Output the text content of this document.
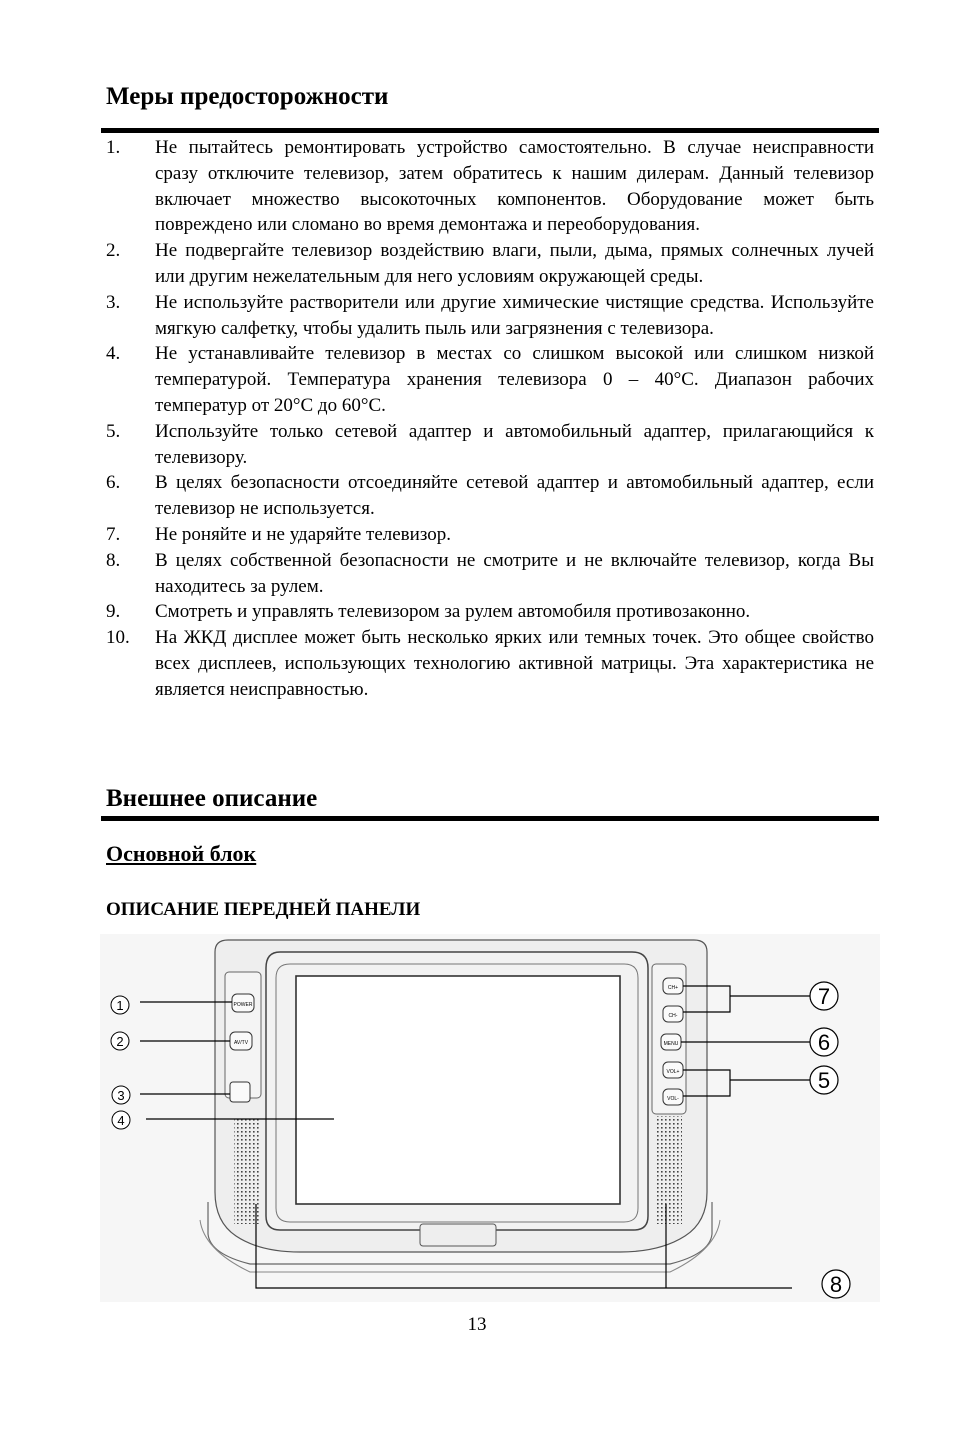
Меры предосторожности
1. Не пытайтесь ремонтировать устройство самостоятельно. В случае неисправности сразу отключите телевизор, затем обратитесь к нашим дилерам. Данный телевизор включает множество высокоточных компонентов. Оборудование может быть повреждено или сломано во время демонтажа и переоборудования.
2. Не подвергайте телевизор воздействию влаги, пыли, дыма, прямых солнечных лучей или другим нежелательным для него условиям окружающей среды.
3. Не используйте растворители или другие химические чистящие средства. Используйте мягкую салфетку, чтобы удалить пыль или загрязнения с телевизора.
4. Не устанавливайте телевизор в местах со слишком высокой или слишком низкой температурой. Температура хранения телевизора 0 – 40°С. Диапазон рабочих температур от 20°С до 60°С.
5. Используйте только сетевой адаптер и автомобильный адаптер, прилагающийся к телевизору.
6. В целях безопасности отсоединяйте сетевой адаптер и автомобильный адаптер, если телевизор не используется.
7. Не роняйте и не ударяйте телевизор.
8. В целях собственной безопасности не смотрите и не включайте телевизор, когда Вы находитесь за рулем.
9. Смотреть и управлять телевизором за рулем автомобиля противозаконно.
10. На ЖКД дисплее может быть несколько ярких или темных точек. Это общее свойство всех дисплеев, использующих технологию активной матрицы. Эта характеристика не является неисправностью.
Внешнее описание
Основной блок
ОПИСАНИЕ ПЕРЕДНЕЙ ПАНЕЛИ
POWER
AV/TV
CH+
CH-
MENU
VOL+
VOL-
1
2
3
4
7
6
5
8
13
